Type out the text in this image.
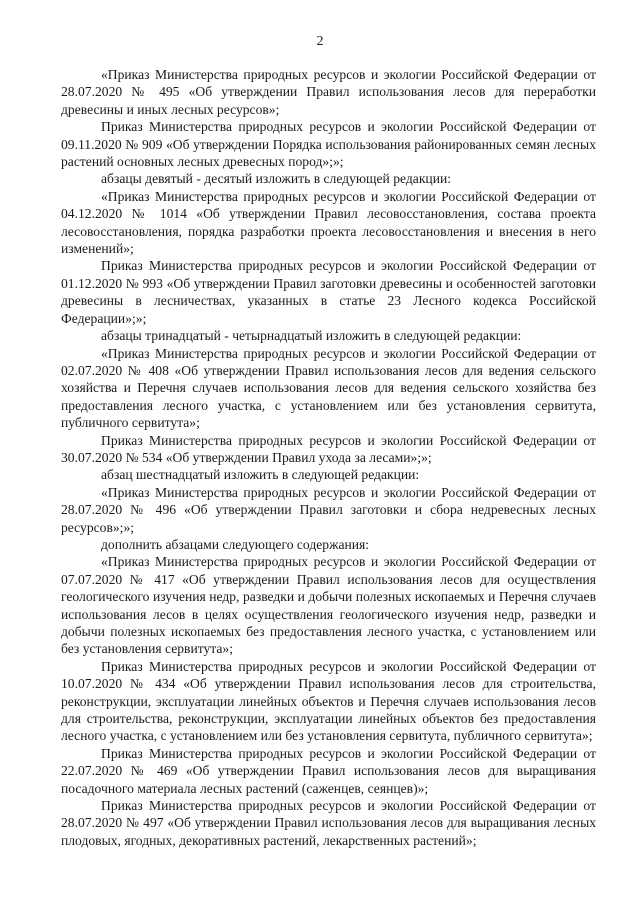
2

«Приказ Министерства природных ресурсов и экологии Российской Федерации от 28.07.2020 № 495 «Об утверждении Правил использования лесов для переработки древесины и иных лесных ресурсов»;

Приказ Министерства природных ресурсов и экологии Российской Федерации от 09.11.2020 № 909 «Об утверждении Порядка использования районированных семян лесных растений основных лесных древесных пород»;»;

абзацы девятый - десятый изложить в следующей редакции:

«Приказ Министерства природных ресурсов и экологии Российской Федерации от 04.12.2020 № 1014 «Об утверждении Правил лесовосстановления, состава проекта лесовосстановления, порядка разработки проекта лесовосстановления и внесения в него изменений»;

Приказ Министерства природных ресурсов и экологии Российской Федерации от 01.12.2020 № 993 «Об утверждении Правил заготовки древесины и особенностей заготовки древесины в лесничествах, указанных в статье 23 Лесного кодекса Российской Федерации»;»;

абзацы тринадцатый - четырнадцатый изложить в следующей редакции:

«Приказ Министерства природных ресурсов и экологии Российской Федерации от 02.07.2020 № 408 «Об утверждении Правил использования лесов для ведения сельского хозяйства и Перечня случаев использования лесов для ведения сельского хозяйства без предоставления лесного участка, с установлением или без установления сервитута, публичного сервитута»;

Приказ Министерства природных ресурсов и экологии Российской Федерации от 30.07.2020 № 534 «Об утверждении Правил ухода за лесами»;»;

абзац шестнадцатый изложить в следующей редакции:

«Приказ Министерства природных ресурсов и экологии Российской Федерации от 28.07.2020 № 496 «Об утверждении Правил заготовки и сбора недревесных лесных ресурсов»;»;

дополнить абзацами следующего содержания:

«Приказ Министерства природных ресурсов и экологии Российской Федерации от 07.07.2020 № 417 «Об утверждении Правил использования лесов для осуществления геологического изучения недр, разведки и добычи полезных ископаемых и Перечня случаев использования лесов в целях осуществления геологического изучения недр, разведки и добычи полезных ископаемых без предоставления лесного участка, с установлением или без установления сервитута»;

Приказ Министерства природных ресурсов и экологии Российской Федерации от 10.07.2020 № 434 «Об утверждении Правил использования лесов для строительства, реконструкции, эксплуатации линейных объектов и Перечня случаев использования лесов для строительства, реконструкции, эксплуатации линейных объектов без предоставления лесного участка, с установлением или без установления сервитута, публичного сервитута»;

Приказ Министерства природных ресурсов и экологии Российской Федерации от 22.07.2020 № 469 «Об утверждении Правил использования лесов для выращивания посадочного материала лесных растений (саженцев, сеянцев)»;

Приказ Министерства природных ресурсов и экологии Российской Федерации от 28.07.2020 № 497 «Об утверждении Правил использования лесов для выращивания лесных плодовых, ягодных, декоративных растений, лекарственных растений»;
